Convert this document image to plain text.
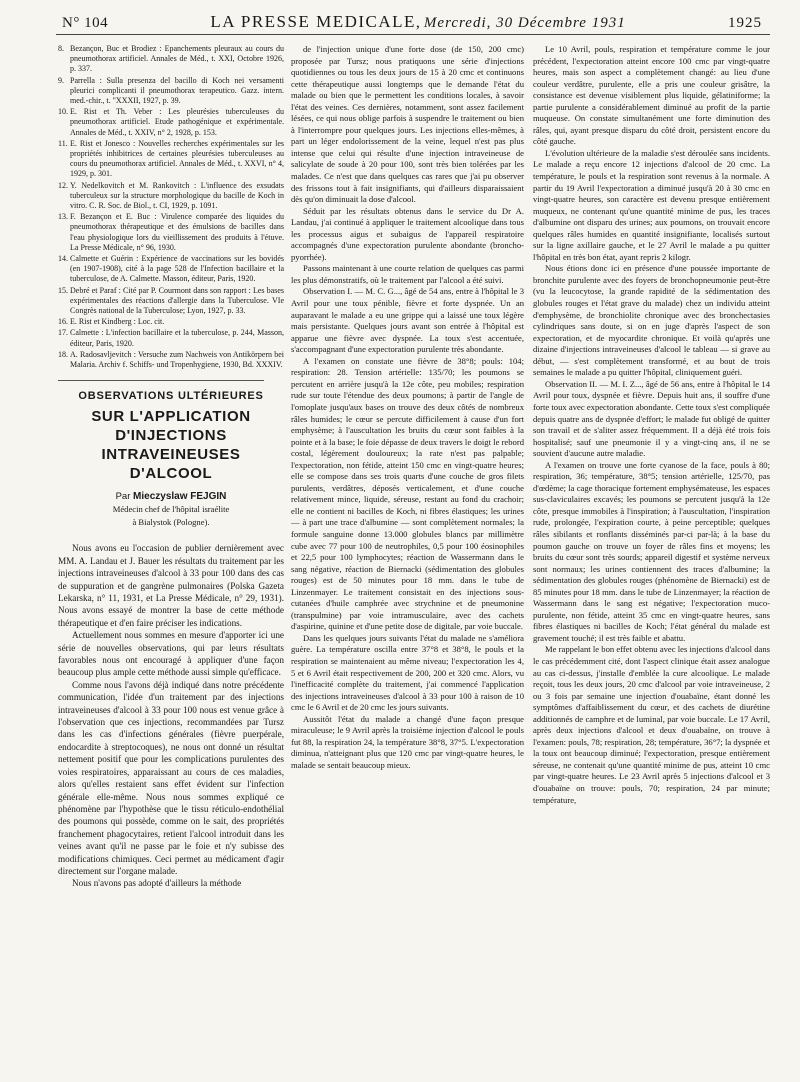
N° 104	LA PRESSE MEDICALE, Mercredi, 30 Décembre 1931	1925

8. Bezançon, Buc et Brodiez : Epanchements pleuraux au cours du pneumothorax artificiel. Annales de Méd., t. XXI, Octobre 1926, p. 337.

9. Parrella : Sulla presenza del bacillo di Koch nei versamenti pleurici complicanti il pneumothorax terapeutico. Gazz. intern. med.-chir., t. "XXXII, 1927, p. 39.

10. E. Rist et Th. Veber : Les pleurésies tuberculeuses du pneumothorax artificiel. Etude pathogénique et expérimentale. Annales de Méd., t. XXIV, n° 2, 1928, p. 153.

11. E. Rist et Jonesco : Nouvelles recherches expérimentales sur les propriétés inhibitrices de certaines pleurésies tuberculeuses au cours du pneumothorax artificiel. Annales de Méd., t. XXVI, n° 4, 1929, p. 301.

12. Y. Nedelkovitch et M. Rankovitch : L'influence des exsudats tuberculeux sur la structure morphologique du bacille de Koch in vitro. C. R. Soc. de Biol., t. CI, 1929, p. 1091.

13. F. Bezançon et E. Buc : Virulence comparée des liquides du pneumothorax thérapeutique et des émulsions de bacilles dans l'eau physiologique lors du vieillissement des produits à l'étuve. La Presse Médicale, n° 96, 1930.

14. Calmette et Guérin : Expérience de vaccinations sur les bovidés (en 1907-1908), cité à la page 528 de l'Infection bacillaire et la tuberculose, de A. Calmette. Masson, éditeur, Paris, 1920.

15. Debré et Paraf : Cité par P. Courmont dans son rapport : Les bases expérimentales des réactions d'allergie dans la Tuberculose. VIe Congrès national de la Tuberculose; Lyon, 1927, p. 33.

16. E. Rist et Kindberg : Loc. cit.

17. Calmette : L'infection bacillaire et la tuberculose, p. 244, Masson, éditeur, Paris, 1920.

18. A. Radosavljevitch : Versuche zum Nachweis von Antikörpern bei Malaria. Archiv f. Schiffs- und Tropenhygiene, 1930, Bd. XXXIV.

OBSERVATIONS ULTÉRIEURES
SUR L'APPLICATION
D'INJECTIONS INTRAVEINEUSES
D'ALCOOL
Par Mieczyslaw FEJGIN
Médecin chef de l'hôpital israélite
à Bialystok (Pologne).

Nous avons eu l'occasion de publier dernièrement avec MM. A. Landau et J. Bauer les résultats du traitement par les injections intraveineuses d'alcool à 33 pour 100 dans des cas de suppuration et de gangrène pulmonaires (Polska Gazeta Lekarska, n° 11, 1931, et La Presse Médicale, n° 29, 1931). Nous avons essayé de montrer la base de cette méthode thérapeutique et d'en faire préciser les indications.

Actuellement nous sommes en mesure d'apporter ici une série de nouvelles observations, qui par leurs résultats favorables nous ont encouragé à appliquer d'une façon beaucoup plus ample cette méthode aussi simple qu'efficace.

Comme nous l'avons déjà indiqué dans notre précédente communication, l'idée d'un traitement par des injections intraveineuses d'alcool à 33 pour 100 nous est venue grâce à l'observation que ces injections, recommandées par Tursz dans les cas d'infections générales (fièvre puerpérale, endocardite à streptocoques), ne nous ont donné un résultat nettement positif que pour les complications purulentes des voies respiratoires, apparaissant au cours de ces maladies, alors qu'elles restaient sans effet évident sur l'infection générale elle-même. Nous nous sommes expliqué ce phénomène par l'hypothèse que le tissu réticulo-endothélial des poumons qui possède, comme on le sait, des propriétés franchement phagocytaires, retient l'alcool introduit dans les veines avant qu'il ne passe par le foie et n'y subisse des modifications chimiques. Ceci permet au médicament d'agir directement sur l'organe malade.

Nous n'avons pas adopté d'ailleurs la méthode

de l'injection unique d'une forte dose (de 150, 200 cmc) proposée par Tursz; nous pratiquons une série d'injections quotidiennes ou tous les deux jours de 15 à 20 cmc et continuons cette thérapeutique aussi longtemps que le demande l'état du malade ou bien que le permettent les conditions locales, à savoir l'état des veines. Ces dernières, notamment, sont assez facilement lésées, ce qui nous oblige parfois à suspendre le traitement ou bien à l'interrompre pour quelques jours. Les injections elles-mêmes, à part un léger endolorissement de la veine, lequel n'est pas plus intense que celui qui résulte d'une injection intraveineuse de salicylate de soude à 20 pour 100, sont très bien tolérées par les malades. Ce n'est que dans quelques cas rares que j'ai pu observer des frissons tout à fait insignifiants, qui d'ailleurs disparaissaient dès qu'on diminuait la dose d'alcool.

Séduit par les résultats obtenus dans le service du Dr A. Landau, j'ai continué à appliquer le traitement alcoolique dans tous les processus aigus et subaigus de l'appareil respiratoire accompagnés d'une expectoration purulente abondante (broncho-pyorrhée).

Passons maintenant à une courte relation de quelques cas parmi les plus démonstratifs, où le traitement par l'alcool a été suivi.

Observation I. — M. C. G..., âgé de 54 ans, entre à l'hôpital le 3 Avril pour une toux pénible, fièvre et forte dyspnée. Un an auparavant le malade a eu une grippe qui a laissé une toux légère mais persistante. Quelques jours avant son entrée à l'hôpital est apparue une fièvre avec dyspnée. La toux s'est accentuée, s'accompagnant d'une expectoration purulente très abondante.

A l'examen on constate une fièvre de 38°8; pouls: 104; respiration: 28. Tension artérielle: 135/70; les poumons se percutent en arrière jusqu'à la 12e côte, peu mobiles; respiration rude sur toute l'étendue des deux poumons; à partir de l'angle de l'omoplate jusqu'aux bases on trouve des deux côtés de nombreux râles humides; le cœur se percute difficilement à cause d'un fort emphysème; à l'auscultation les bruits du cœur sont faibles à la pointe et à la base; le foie dépasse de deux travers le doigt le rebord costal, légèrement douloureux; la rate n'est pas palpable; l'expectoration, non fétide, atteint 150 cmc en vingt-quatre heures; elle se compose dans ses trois quarts d'une couche de gros filets purulents, verdâtres, déposés verticalement, et d'une couche relativement mince, liquide, séreuse, restant au fond du crachoir; elle ne contient ni bacilles de Koch, ni fibres élastiques; les urines — à part une trace d'albumine — sont complètement normales; la formule sanguine donne 13.000 globules blancs par millimètre cube avec 77 pour 100 de neutrophiles, 0,5 pour 100 éosinophiles et 22,5 pour 100 lymphocytes; réaction de Wassermann dans le sang négative, réaction de Biernacki (sédimentation des globules rouges) est de 50 minutes pour 18 mm. dans le tube de Linzenmayer. Le traitement consistait en des injections sous-cutanées d'huile camphrée avec strychnine et de pneumonine (transpulmine) par voie intramusculaire, avec des cachets d'aspirine, quinine et d'une petite dose de digitale, par voie buccale.

Dans les quelques jours suivants l'état du malade ne s'améliora guère. La température oscilla entre 37°8 et 38°8, le pouls et la respiration se maintenaient au même niveau; l'expectoration les 4, 5 et 6 Avril était respectivement de 200, 200 et 320 cmc. Alors, vu l'inefficacité complète du traitement, j'ai commencé l'application des injections intraveineuses d'alcool à 33 pour 100 à raison de 10 cmc le 6 Avril et de 20 cmc les jours suivants.

Aussitôt l'état du malade a changé d'une façon presque miraculeuse; le 9 Avril après la troisième injection d'alcool le pouls fut 88, la respiration 24, la température 38°8, 37°5. L'expectoration diminua, n'atteignant plus que 120 cmc par vingt-quatre heures, le malade se sentait beaucoup mieux.

Le 10 Avril, pouls, respiration et température comme le jour précédent, l'expectoration atteint encore 100 cmc par vingt-quatre heures, mais son aspect a complètement changé: au lieu d'une couleur verdâtre, purulente, elle a pris une couleur grisâtre, la consistance est devenue visiblement plus liquide, gélatiniforme; la partie purulente a considérablement diminué au profit de la partie muqueuse. On constate simultanément une forte diminution des râles, qui, ayant presque disparu du côté droit, persistent encore du côté gauche.

L'évolution ultérieure de la maladie s'est déroulée sans incidents. Le malade a reçu encore 12 injections d'alcool de 20 cmc. La température, le pouls et la respiration sont revenus à la normale. A partir du 19 Avril l'expectoration a diminué jusqu'à 20 à 30 cmc en vingt-quatre heures, son caractère est devenu presque entièrement muqueux, ne contenant qu'une quantité minime de pus, les traces d'albumine ont disparu des urines; aux poumons, on trouvait encore quelques râles humides en quantité insignifiante, localisés surtout sur la ligne axillaire gauche, et le 27 Avril le malade a pu quitter l'hôpital en très bon état, ayant repris 2 kilogr.

Nous étions donc ici en présence d'une poussée importante de bronchite purulente avec des foyers de bronchopneumonie peut-être (vu la leucocytose, la grande rapidité de la sédimentation des globules rouges et l'état grave du malade) chez un individu atteint d'emphysème, de bronchiolite chronique avec des bronchectasies cylindriques sans doute, si on en juge d'après l'aspect de son expectoration, et de myocardite chronique. Et voilà qu'après une dizaine d'injections intraveineuses d'alcool le tableau — si grave au début, — s'est complètement transformé, et au bout de trois semaines le malade a pu quitter l'hôpital, cliniquement guéri.

Observation II. — M. I. Z..., âgé de 56 ans, entre à l'hôpital le 14 Avril pour toux, dyspnée et fièvre. Depuis huit ans, il souffre d'une forte toux avec expectoration abondante. Cette toux s'est compliquée depuis quatre ans de dyspnée d'effort; le malade fut obligé de quitter son travail et de s'aliter assez fréquemment. Il a déjà été trois fois hospitalisé; sauf une pneumonie il y a vingt-cinq ans, il ne se souvient d'aucune autre maladie.

A l'examen on trouve une forte cyanose de la face, pouls à 80; respiration, 36; température, 38°5; tension artérielle, 125/70, pas d'œdème; la cage thoracique fortement emphysémateuse, les espaces sus-claviculaires excavés; les poumons se percutent jusqu'à la 12e côte, presque immobiles à l'inspiration; à l'auscultation, l'inspiration rude, prolongée, l'expiration courte, à peine perceptible; quelques râles sibilants et ronflants disséminés par-ci par-là; à la base du poumon gauche on trouve un foyer de râles fins et moyens; les bruits du cœur sont très sourds; appareil digestif et système nerveux sont normaux; les urines contiennent des traces d'albumine; la sédimentation des globules rouges (phénomène de Biernacki) est de 85 minutes pour 18 mm. dans le tube de Linzenmayer; la réaction de Wassermann dans le sang est négative; l'expectoration muco-purulente, non fétide, atteint 35 cmc en vingt-quatre heures, sans fibres élastiques ni bacilles de Koch; l'état général du malade est gravement touché; il est très faible et abattu.

Me rappelant le bon effet obtenu avec les injections d'alcool dans le cas précédemment cité, dont l'aspect clinique était assez analogue au cas ci-dessus, j'installe d'emblée la cure alcoolique. Le malade reçoit, tous les deux jours, 20 cmc d'alcool par voie intraveineuse, 2 ou 3 fois par semaine une injection d'ouabaïne, étant donné les symptômes d'affaiblissement du cœur, et des cachets de diurétine additionnés de camphre et de luminal, par voie buccale. Le 17 Avril, après deux injections d'alcool et deux d'ouabaïne, on trouve à l'examen: pouls, 78; respiration, 28; température, 36°7; la dyspnée et la toux ont beaucoup diminué; l'expectoration, presque entièrement séreuse, ne contenait qu'une quantité minime de pus, atteint 10 cmc par vingt-quatre heures. Le 23 Avril après 5 injections d'alcool et 3 d'ouabaïne on trouve: pouls, 70; respiration, 24 par minute; température,
